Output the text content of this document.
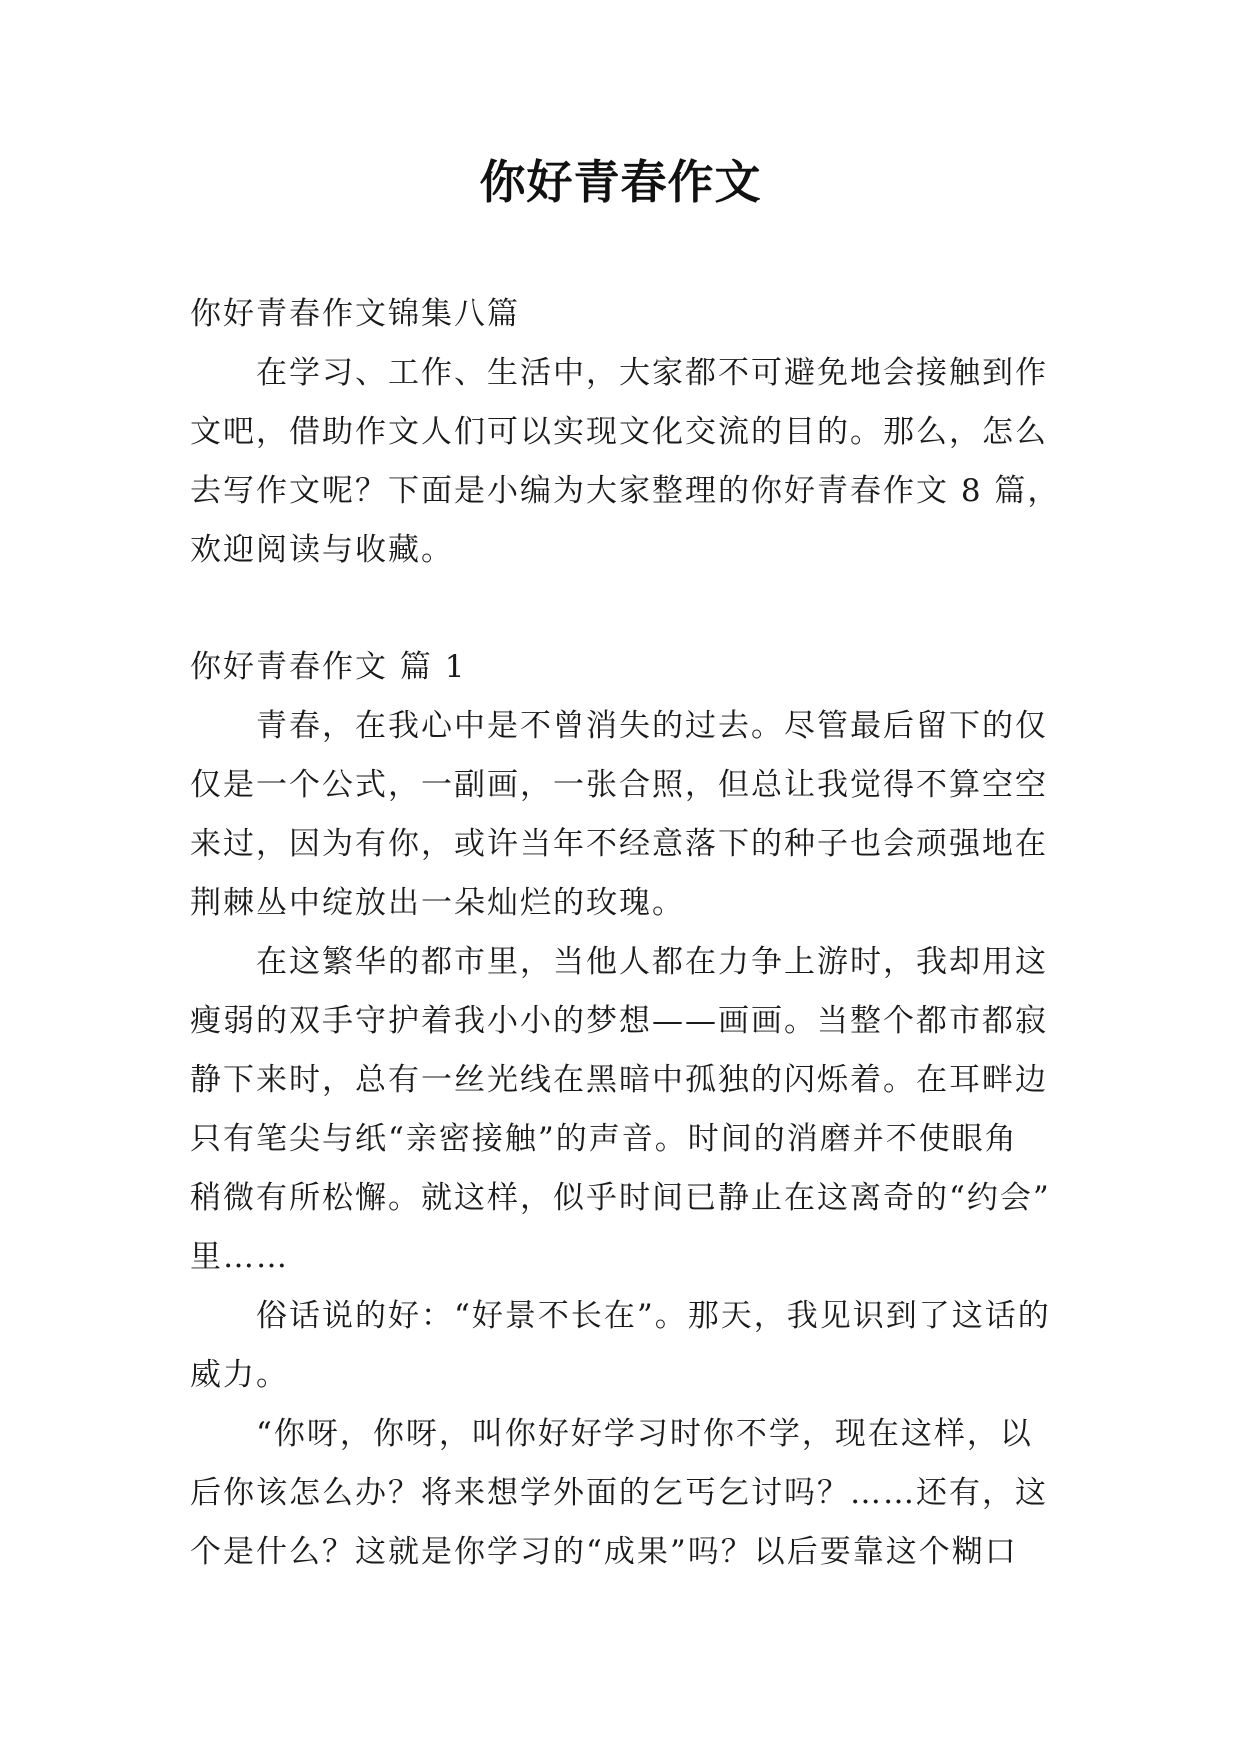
你好青春作文
你好青春作文锦集八篇
在学习、工作、生活中，大家都不可避免地会接触到作
文吧，借助作文人们可以实现文化交流的目的。那么，怎么
去写作文呢？下面是小编为大家整理的你好青春作文 8 篇，
欢迎阅读与收藏。
你好青春作文 篇 1
青春，在我心中是不曾消失的过去。尽管最后留下的仅
仅是一个公式，一副画，一张合照，但总让我觉得不算空空
来过，因为有你，或许当年不经意落下的种子也会顽强地在
荆棘丛中绽放出一朵灿烂的玫瑰。
在这繁华的都市里，当他人都在力争上游时，我却用这
瘦弱的双手守护着我小小的梦想——画画。当整个都市都寂
静下来时，总有一丝光线在黑暗中孤独的闪烁着。在耳畔边
只有笔尖与纸“亲密接触”的声音。时间的消磨并不使眼角
稍微有所松懈。就这样，似乎时间已静止在这离奇的“约会”
里……
俗话说的好：“好景不长在”。那天，我见识到了这话的
威力。
“你呀，你呀，叫你好好学习时你不学，现在这样，以
后你该怎么办？将来想学外面的乞丐乞讨吗？……还有，这
个是什么？这就是你学习的“成果”吗？以后要靠这个糊口
